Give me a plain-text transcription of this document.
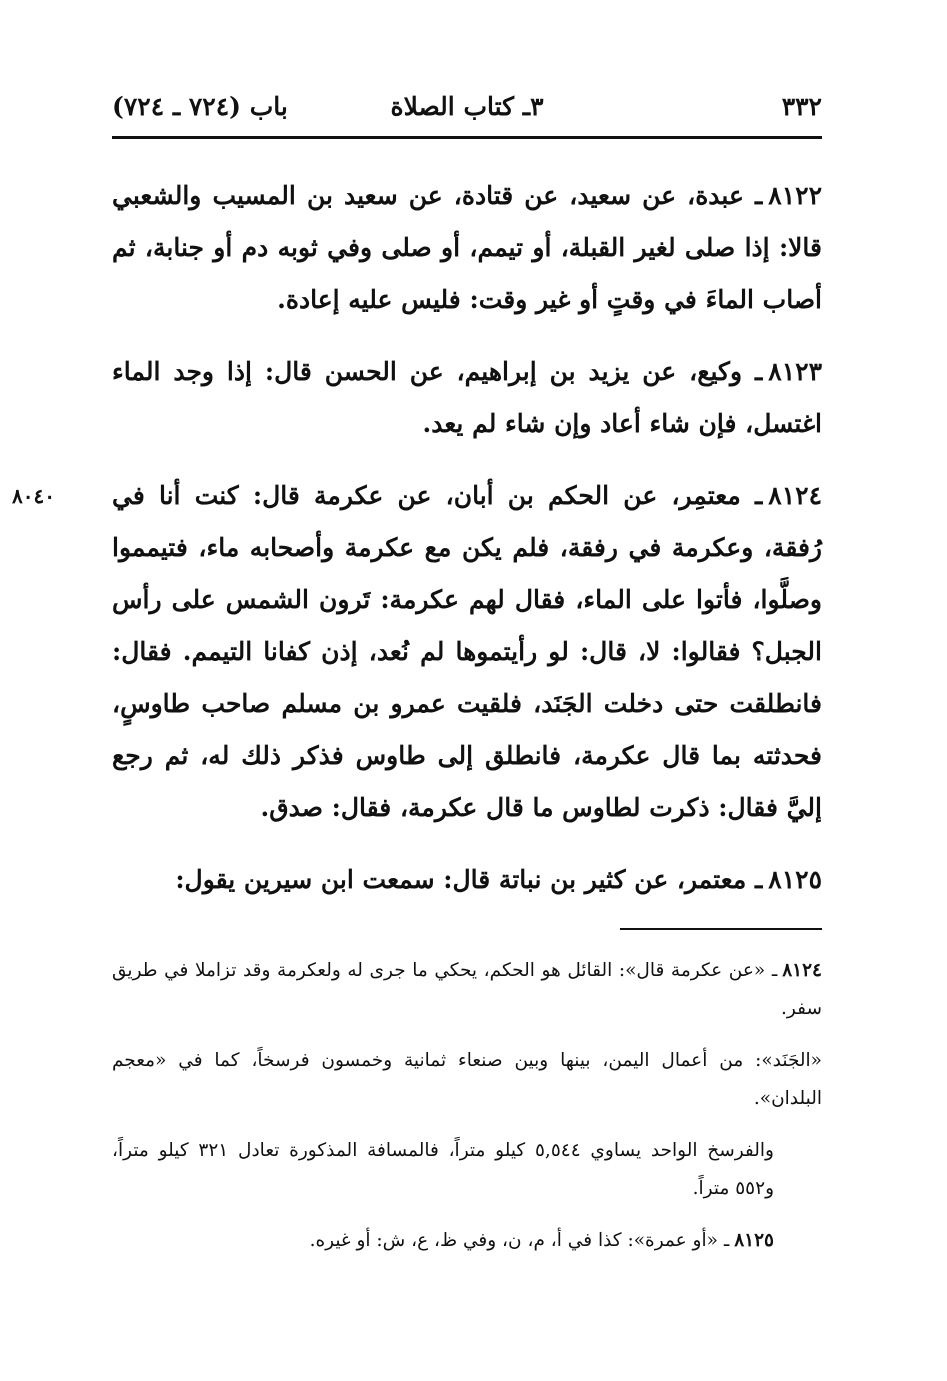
٣٣٢
٣ـ كتاب الصلاة
باب (٧٢٤ ـ ٧٢٤)

٨١٢٢ـ عبدة، عن سعيد، عن قتادة، عن سعيد بن المسيب والشعبي قالا: إذا صلى لغير القبلة، أو تيمم، أو صلى وفي ثوبه دم أو جنابة، ثم أصاب الماءَ في وقتٍ أو غير وقت: فليس عليه إعادة.

٨١٢٣ـ وكيع، عن يزيد بن إبراهيم، عن الحسن قال: إذا وجد الماء اغتسل، فإن شاء أعاد وإن شاء لم يعد.

٨٠٤٠	٨١٢٤ـ معتمِر، عن الحكم بن أبان، عن عكرمة قال: كنت أنا في رُفقة، وعكرمة في رفقة، فلم يكن مع عكرمة وأصحابه ماء، فتيمموا وصلَّوا، فأتوا على الماء، فقال لهم عكرمة: تَرون الشمس على رأس الجبل؟ فقالوا: لا، قال: لو رأيتموها لم نُعد، إذن كفانا التيمم. فقال: فانطلقت حتى دخلت الجَنَد، فلقيت عمرو بن مسلم صاحب طاوسٍ، فحدثته بما قال عكرمة، فانطلق إلى طاوس فذكر ذلك له، ثم رجع إليَّ فقال: ذكرت لطاوس ما قال عكرمة، فقال: صدق.

٨١٢٥ـ معتمر، عن كثير بن نباتة قال: سمعت ابن سيرين يقول:

٨١٢٤ـ «عن عكرمة قال»: القائل هو الحكم، يحكي ما جرى له ولعكرمة وقد تزاملا في طريق سفر.

«الجَنَد»: من أعمال اليمن، بينها وبين صنعاء ثمانية وخمسون فرسخاً، كما في «معجم البلدان».

والفرسخ الواحد يساوي ٥,٥٤٤ كيلو متراً، فالمسافة المذكورة تعادل ٣٢١ كيلو متراً، و٥٥٢ متراً.

٨١٢٥ـ «أو عمرة»: كذا في أ، م، ن، وفي ظ، ع، ش: أو غيره.
